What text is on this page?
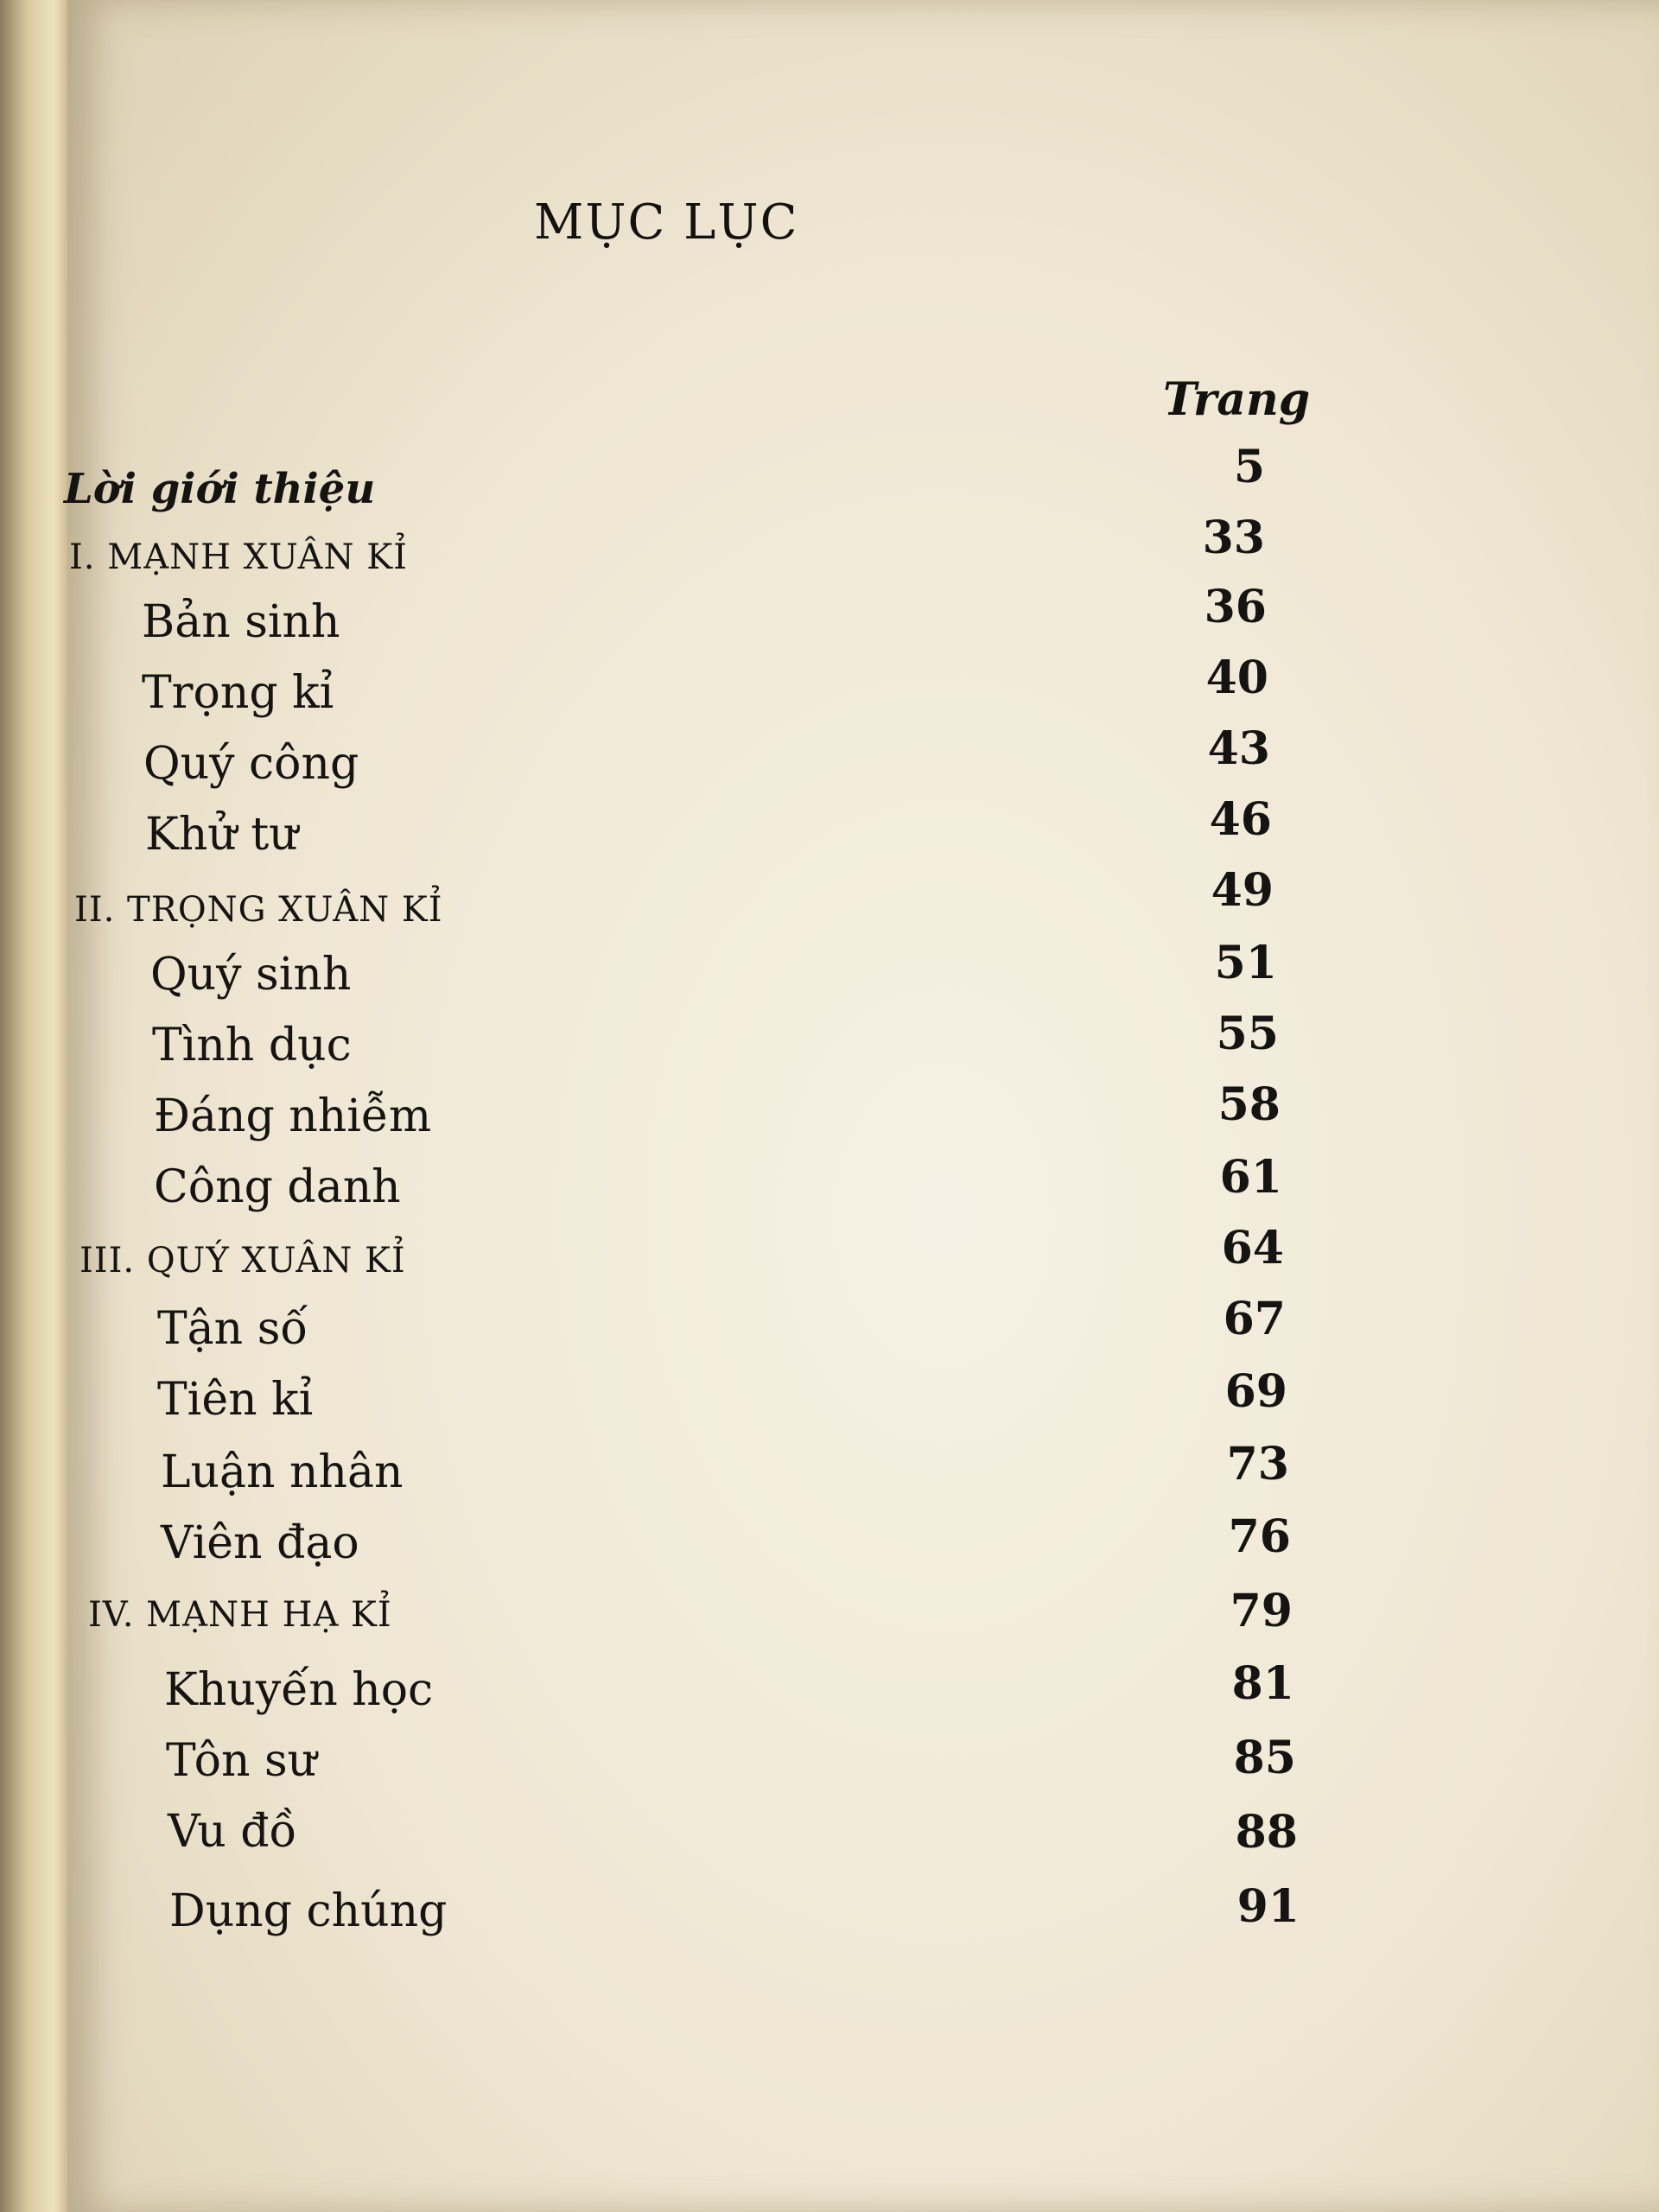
MỤC LỤC
Trang
Lời giới thiệu	5
I. MẠNH XUÂN KỈ	33
Bản sinh	36
Trọng kỉ	40
Quý công	43
Khử tư	46
II. TRỌNG XUÂN KỈ	49
Quý sinh	51
Tình dục	55
Đáng nhiễm	58
Công danh	61
III. QUÝ XUÂN KỈ	64
Tận số	67
Tiên kỉ	69
Luận nhân	73
Viên đạo	76
IV. MẠNH HẠ KỈ	79
Khuyến học	81
Tôn sư	85
Vu đồ	88
Dụng chúng	91
